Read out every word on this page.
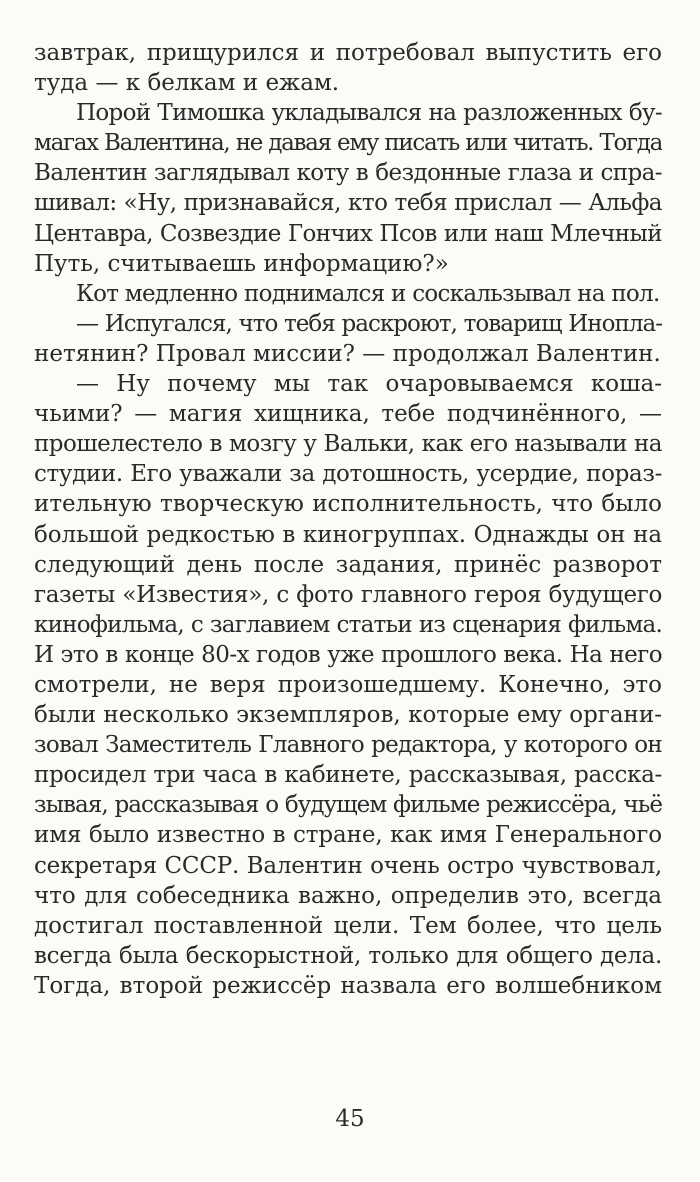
завтрак, прищурился и потребовал выпустить его
туда — к белкам и ежам.
Порой Тимошка укладывался на разложенных бу-
магах Валентина, не давая ему писать или читать. Тогда
Валентин заглядывал коту в бездонные глаза и спра-
шивал: «Ну, признавайся, кто тебя прислал — Альфа
Центавра, Созвездие Гончих Псов или наш Млечный
Путь, считываешь информацию?»
Кот медленно поднимался и соскальзывал на пол.
— Испугался, что тебя раскроют, товарищ Инопла-
нетянин? Провал миссии? — продолжал Валентин.
— Ну почему мы так очаровываемся коша-
чьими? — магия хищника, тебе подчинённого, —
прошелестело в мозгу у Вальки, как его называли на
студии. Его уважали за дотошность, усердие, пораз-
ительную творческую исполнительность, что было
большой редкостью в киногруппах. Однажды он на
следующий день после задания, принёс разворот
газеты «Известия», с фото главного героя будущего
кинофильма, с заглавием статьи из сценария фильма.
И это в конце 80-х годов уже прошлого века. На него
смотрели, не веря произошедшему. Конечно, это
были несколько экземпляров, которые ему органи-
зовал Заместитель Главного редактора, у которого он
просидел три часа в кабинете, рассказывая, расска-
зывая, рассказывая о будущем фильме режиссёра, чьё
имя было известно в стране, как имя Генерального
секретаря СССР. Валентин очень остро чувствовал,
что для собеседника важно, определив это, всегда
достигал поставленной цели. Тем более, что цель
всегда была бескорыстной, только для общего дела.
Тогда, второй режиссёр назвала его волшебником
45
